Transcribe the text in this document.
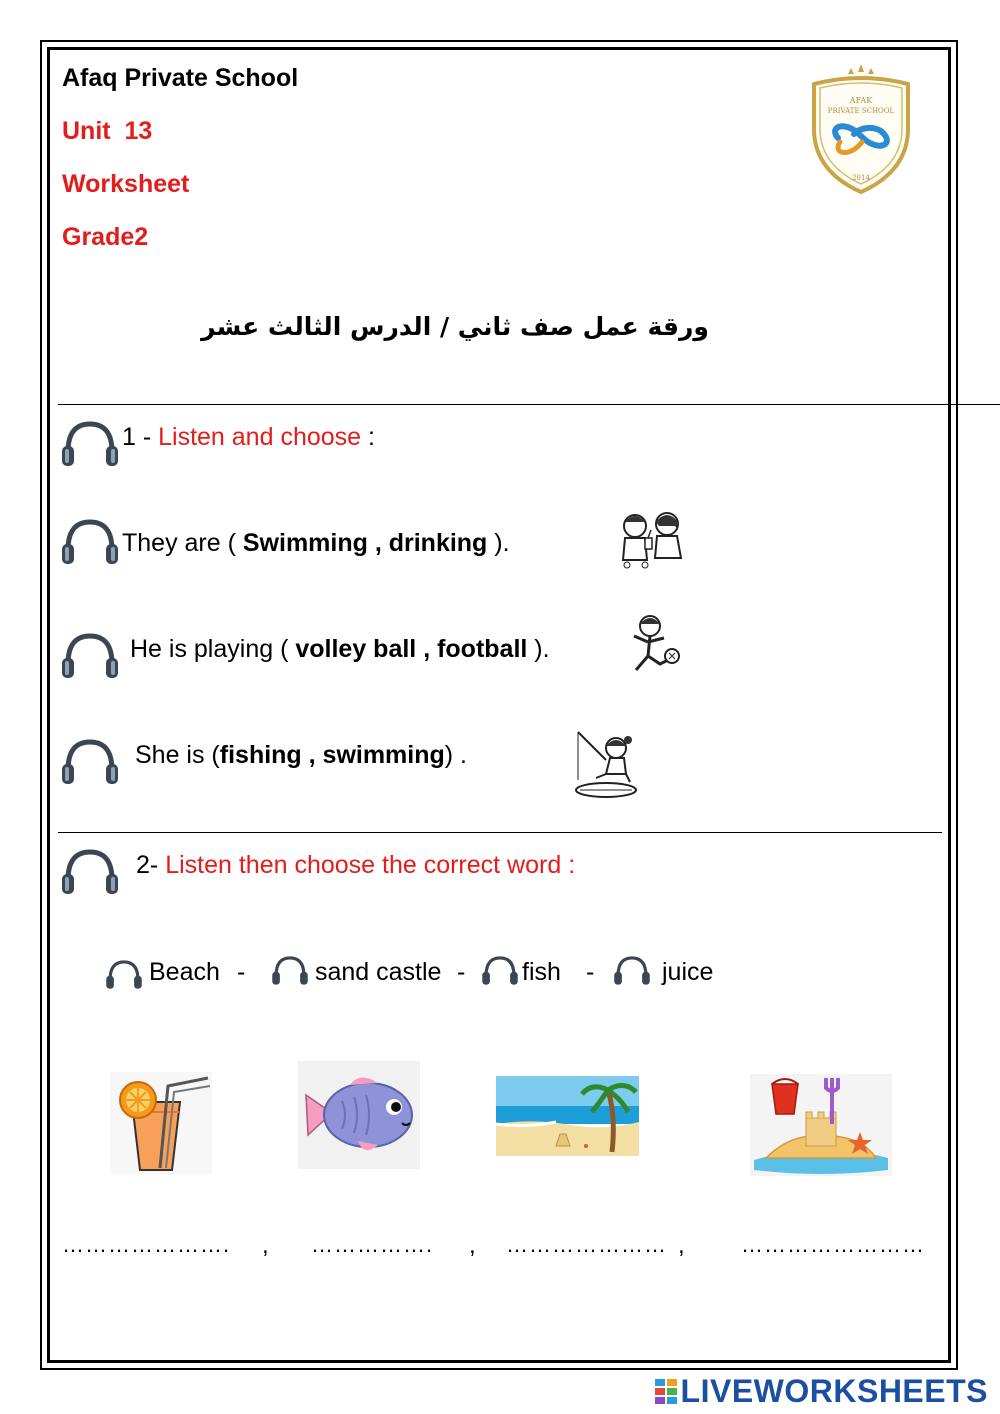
Afaq Private School
Unit  13
Worksheet
Grade2
AFAK
PRIVATE SCHOOL
2014
ورقة عمل صف ثاني / الدرس الثالث عشر
1 - Listen and choose :
They are ( Swimming , drinking ).
He is playing ( volley ball , football ).
She is (fishing , swimming) .
2- Listen then choose the correct word :
Beach -	sand castle - fish -	juice
…………………. , ……………. , ………………… ,	……………………
LIVEWORKSHEETS
